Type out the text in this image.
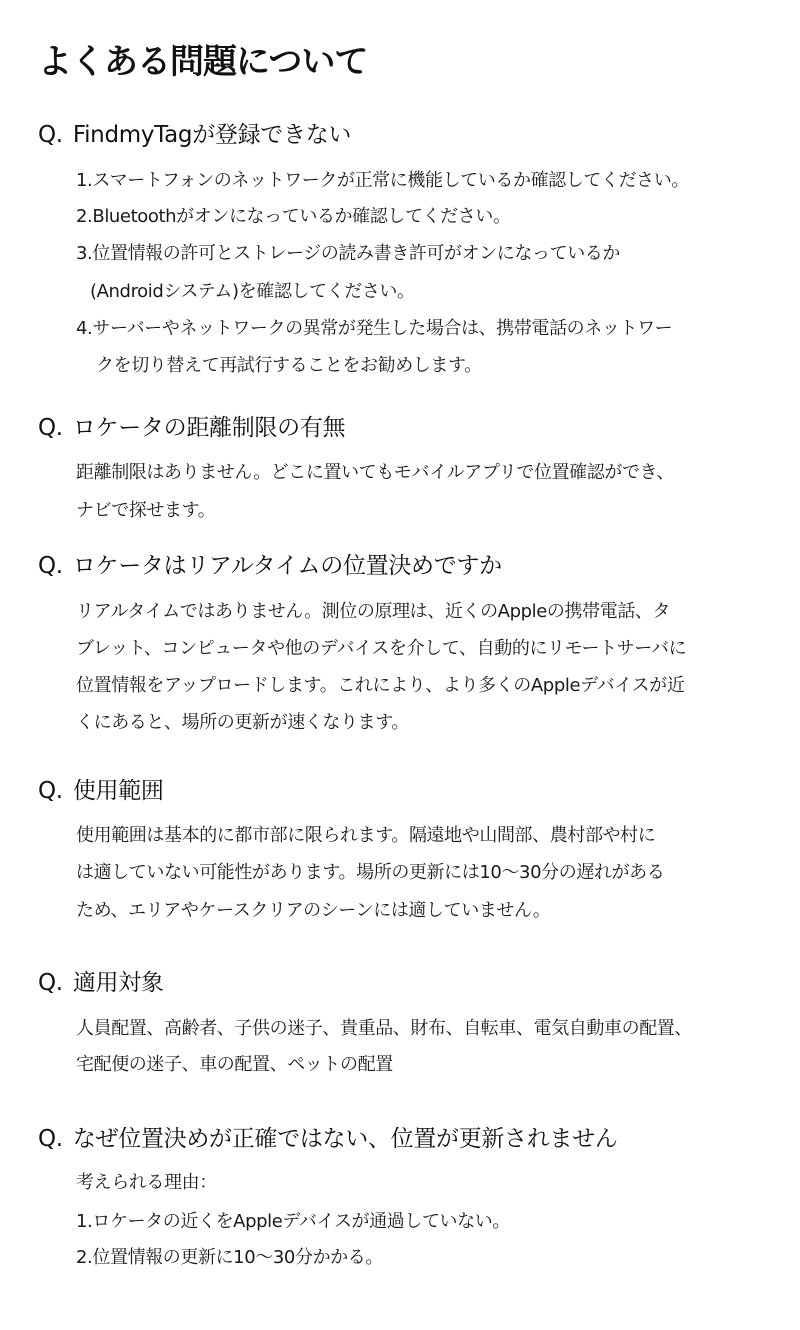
よくある問題について
Q. FindmyTagが登録できない
1.スマートフォンのネットワークが正常に機能しているか確認してください。
2.Bluetoothがオンになっているか確認してください。
3.位置情報の許可とストレージの読み書き許可がオンになっているか
(Androidシステム)を確認してください。
4.サーバーやネットワークの異常が発生した場合は、携帯電話のネットワー
クを切り替えて再試行することをお勧めします。
Q. ロケータの距離制限の有無
距離制限はありません。どこに置いてもモバイルアプリで位置確認ができ、
ナビで探せます。
Q. ロケータはリアルタイムの位置決めですか
リアルタイムではありません。測位の原理は、近くのAppleの携帯電話、タ
ブレット、コンピュータや他のデバイスを介して、自動的にリモートサーバに
位置情報をアップロードします。これにより、より多くのAppleデバイスが近
くにあると、場所の更新が速くなります。
Q. 使用範囲
使用範囲は基本的に都市部に限られます。隔遠地や山間部、農村部や村に
は適していない可能性があります。場所の更新には10〜30分の遅れがある
ため、エリアやケースクリアのシーンには適していません。
Q. 適用対象
人員配置、高齢者、子供の迷子、貴重品、財布、自転車、電気自動車の配置、
宅配便の迷子、車の配置、ペットの配置
Q. なぜ位置決めが正確ではない、位置が更新されません
考えられる理由：
1.ロケータの近くをAppleデバイスが通過していない。
2.位置情報の更新に10〜30分かかる。
